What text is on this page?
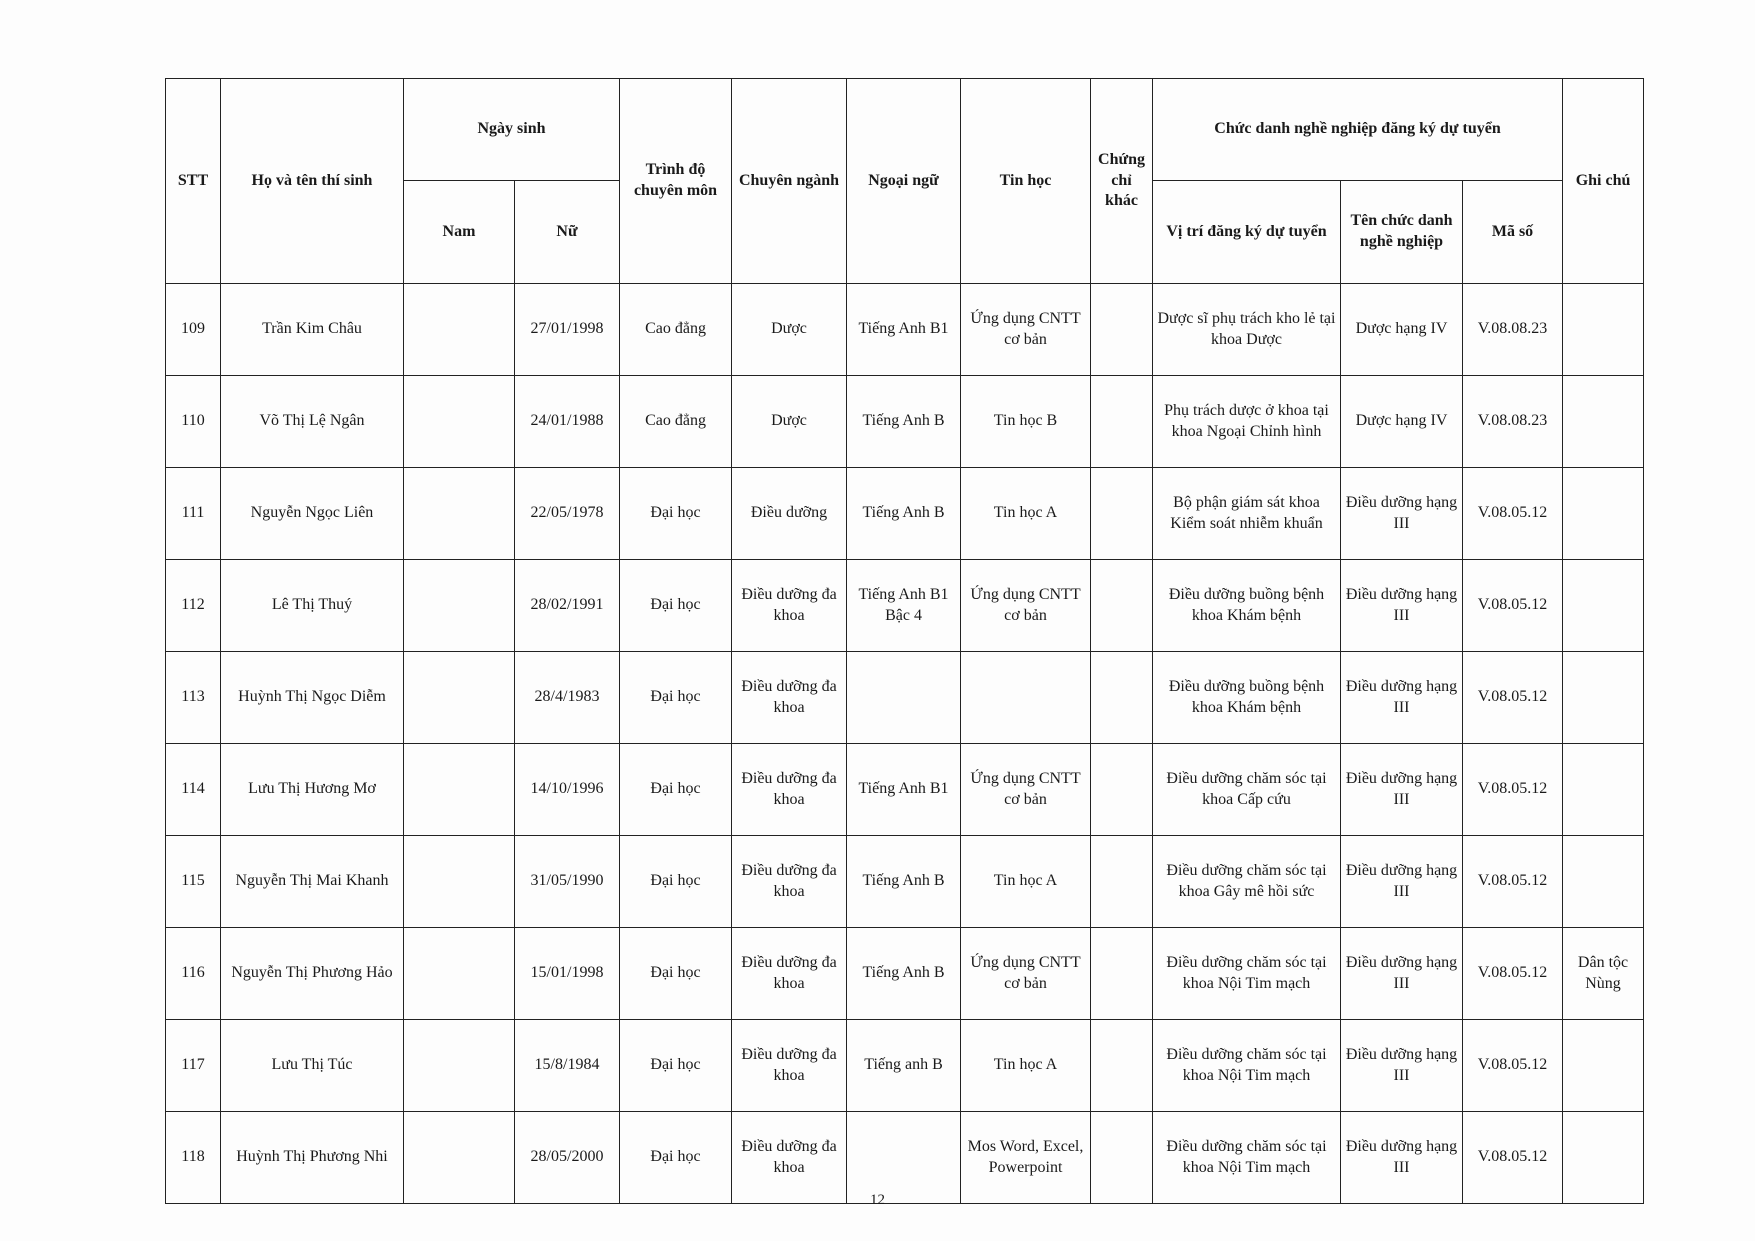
STT	Họ và tên thí sinh	Ngày sinh		Trình độ chuyên môn	Chuyên ngành	Ngoại ngữ	Tin học	Chứng chỉ khác	Chức danh nghề nghiệp đăng ký dự tuyển			Ghi chú
		Nam	Nữ						Vị trí đăng ký dự tuyển	Tên chức danh nghề nghiệp	Mã số	
109	Trần Kim Châu		27/01/1998	Cao đẳng	Dược	Tiếng Anh B1	Ứng dụng CNTT cơ bản		Dược sĩ phụ trách kho lẻ tại khoa Dược	Dược hạng IV	V.08.08.23	
110	Võ Thị Lệ Ngân		24/01/1988	Cao đẳng	Dược	Tiếng Anh B	Tin học B		Phụ trách dược ở khoa tại khoa Ngoại Chỉnh hình	Dược hạng IV	V.08.08.23	
111	Nguyễn Ngọc Liên		22/05/1978	Đại học	Điều dưỡng	Tiếng Anh B	Tin học A		Bộ phận giám sát khoa Kiểm soát nhiễm khuẩn	Điều dưỡng hạng III	V.08.05.12	
112	Lê Thị Thuý		28/02/1991	Đại học	Điều dưỡng đa khoa	Tiếng Anh B1 Bậc 4	Ứng dụng CNTT cơ bản		Điều dưỡng buồng bệnh khoa Khám bệnh	Điều dưỡng hạng III	V.08.05.12	
113	Huỳnh Thị Ngọc Diễm		28/4/1983	Đại học	Điều dưỡng đa khoa				Điều dưỡng buồng bệnh khoa Khám bệnh	Điều dưỡng hạng III	V.08.05.12	
114	Lưu Thị Hương Mơ		14/10/1996	Đại học	Điều dưỡng đa khoa	Tiếng Anh B1	Ứng dụng CNTT cơ bản		Điều dưỡng chăm sóc tại khoa Cấp cứu	Điều dưỡng hạng III	V.08.05.12	
115	Nguyễn Thị Mai Khanh		31/05/1990	Đại học	Điều dưỡng đa khoa	Tiếng Anh B	Tin học A		Điều dưỡng chăm sóc tại khoa Gây mê hồi sức	Điều dưỡng hạng III	V.08.05.12	
116	Nguyễn Thị Phương Hảo		15/01/1998	Đại học	Điều dưỡng đa khoa	Tiếng Anh B	Ứng dụng CNTT cơ bản		Điều dưỡng chăm sóc tại khoa Nội Tim mạch	Điều dưỡng hạng III	V.08.05.12	Dân tộc Nùng
117	Lưu Thị Túc		15/8/1984	Đại học	Điều dưỡng đa khoa	Tiếng anh B	Tin học A		Điều dưỡng chăm sóc tại khoa Nội Tim mạch	Điều dưỡng hạng III	V.08.05.12	
118	Huỳnh Thị Phương Nhi		28/05/2000	Đại học	Điều dưỡng đa khoa		Mos Word, Excel, Powerpoint		Điều dưỡng chăm sóc tại khoa Nội Tim mạch	Điều dưỡng hạng III	V.08.05.12	
12
